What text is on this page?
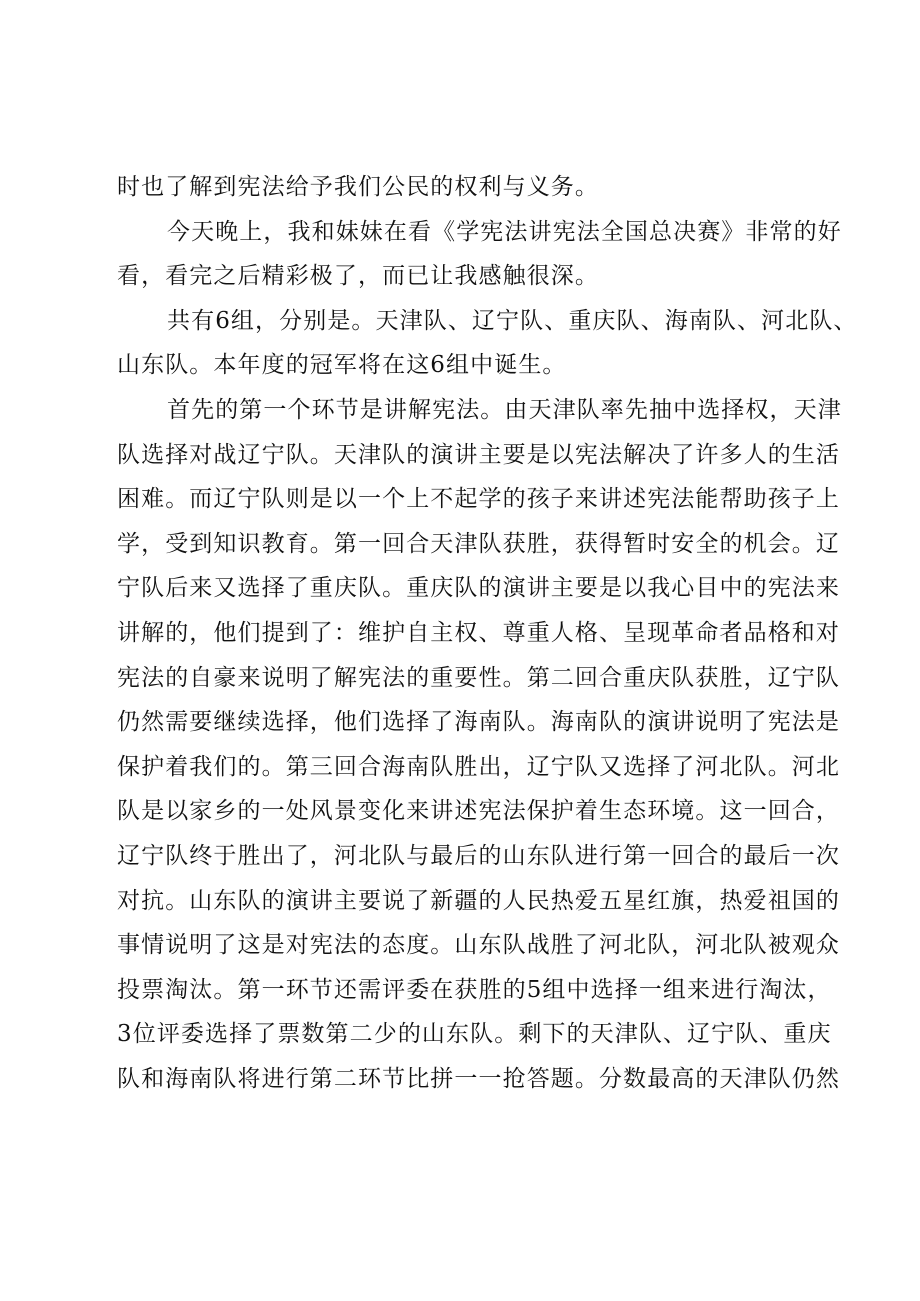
时也了解到宪法给予我们公民的权利与义务。
今天晚上，我和妹妹在看《学宪法讲宪法全国总决赛》非常的好
看，看完之后精彩极了，而已让我感触很深。
共有6组，分别是。天津队、辽宁队、重庆队、海南队、河北队、
山东队。本年度的冠军将在这6组中诞生。
首先的第一个环节是讲解宪法。由天津队率先抽中选择权，天津
队选择对战辽宁队。天津队的演讲主要是以宪法解决了许多人的生活
困难。而辽宁队则是以一个上不起学的孩子来讲述宪法能帮助孩子上
学，受到知识教育。第一回合天津队获胜，获得暂时安全的机会。辽
宁队后来又选择了重庆队。重庆队的演讲主要是以我心目中的宪法来
讲解的，他们提到了：维护自主权、尊重人格、呈现革命者品格和对
宪法的自豪来说明了解宪法的重要性。第二回合重庆队获胜，辽宁队
仍然需要继续选择，他们选择了海南队。海南队的演讲说明了宪法是
保护着我们的。第三回合海南队胜出，辽宁队又选择了河北队。河北
队是以家乡的一处风景变化来讲述宪法保护着生态环境。这一回合，
辽宁队终于胜出了，河北队与最后的山东队进行第一回合的最后一次
对抗。山东队的演讲主要说了新疆的人民热爱五星红旗，热爱祖国的
事情说明了这是对宪法的态度。山东队战胜了河北队，河北队被观众
投票淘汰。第一环节还需评委在获胜的5组中选择一组来进行淘汰，
3位评委选择了票数第二少的山东队。剩下的天津队、辽宁队、重庆
队和海南队将进行第二环节比拼一一抢答题。分数最高的天津队仍然
